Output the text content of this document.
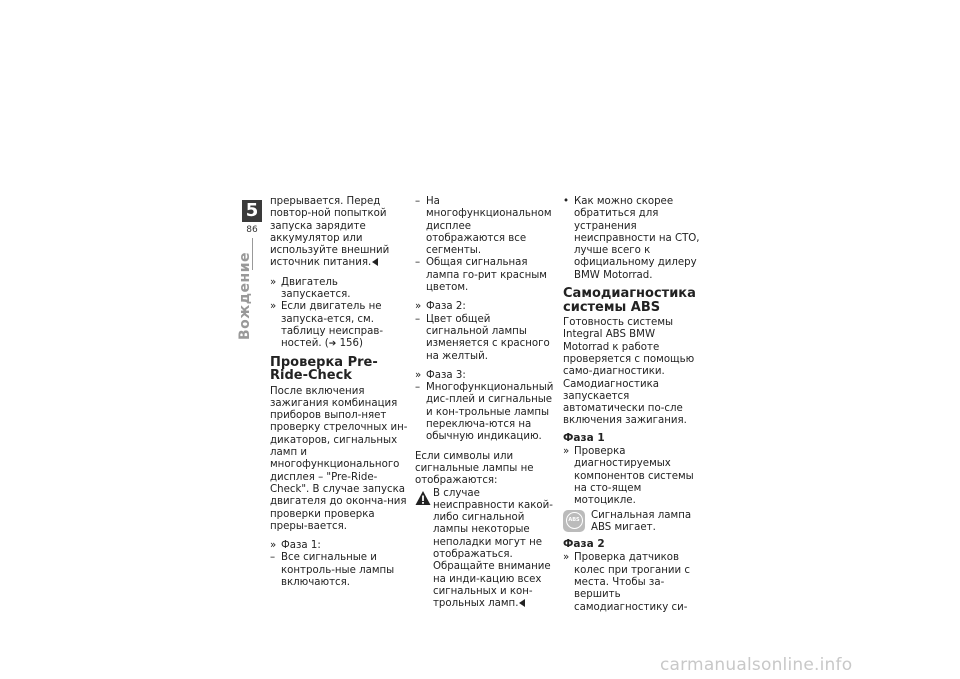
5
86
Вождение

прерывается. Перед повтор-ной попыткой запуска зарядите аккумулятор или используйте внешний источник питания.

» Двигатель запускается.

» Если двигатель не запуска-ется, см. таблицу неисправ-ностей. (➔ 156)

Проверка Pre-Ride-Check

После включения зажигания комбинация приборов выпол-няет проверку стрелочных ин-дикаторов, сигнальных ламп и многофункционального дисплея – "Pre-Ride-Check". В случае запуска двигателя до оконча-ния проверки проверка преры-вается.

» Фаза 1:

– Все сигнальные и контроль-ные лампы включаются.

– На многофункциональном дисплее отображаются все сегменты.

– Общая сигнальная лампа го-рит красным цветом.

» Фаза 2:

– Цвет общей сигнальной лампы изменяется с красного на желтый.

» Фаза 3:

– Многофункциональный дис-плей и сигнальные и кон-трольные лампы переключа-ются на обычную индикацию.

Если символы или сигнальные лампы не отображаются:

В случае неисправности какой-либо сигнальной лампы некоторые неполадки могут не отображаться. Обращайте внимание на инди-кацию всех сигнальных и кон-трольных ламп.

• Как можно скорее обратиться для устранения неисправности на СТО, лучше всего к официальному дилеру BMW Motorrad.

Самодиагностика системы ABS

Готовность системы Integral ABS BMW Motorrad к работе проверяется с помощью само-диагностики. Самодиагностика запускается автоматически по-сле включения зажигания.

Фаза 1

» Проверка диагностируемых компонентов системы на сто-ящем мотоцикле.

ABS Сигнальная лампа ABS мигает.
Фаза 2

» Проверка датчиков колес при трогании с места. Чтобы за-вершить самодиагностику си-

carmanualsonline.info
